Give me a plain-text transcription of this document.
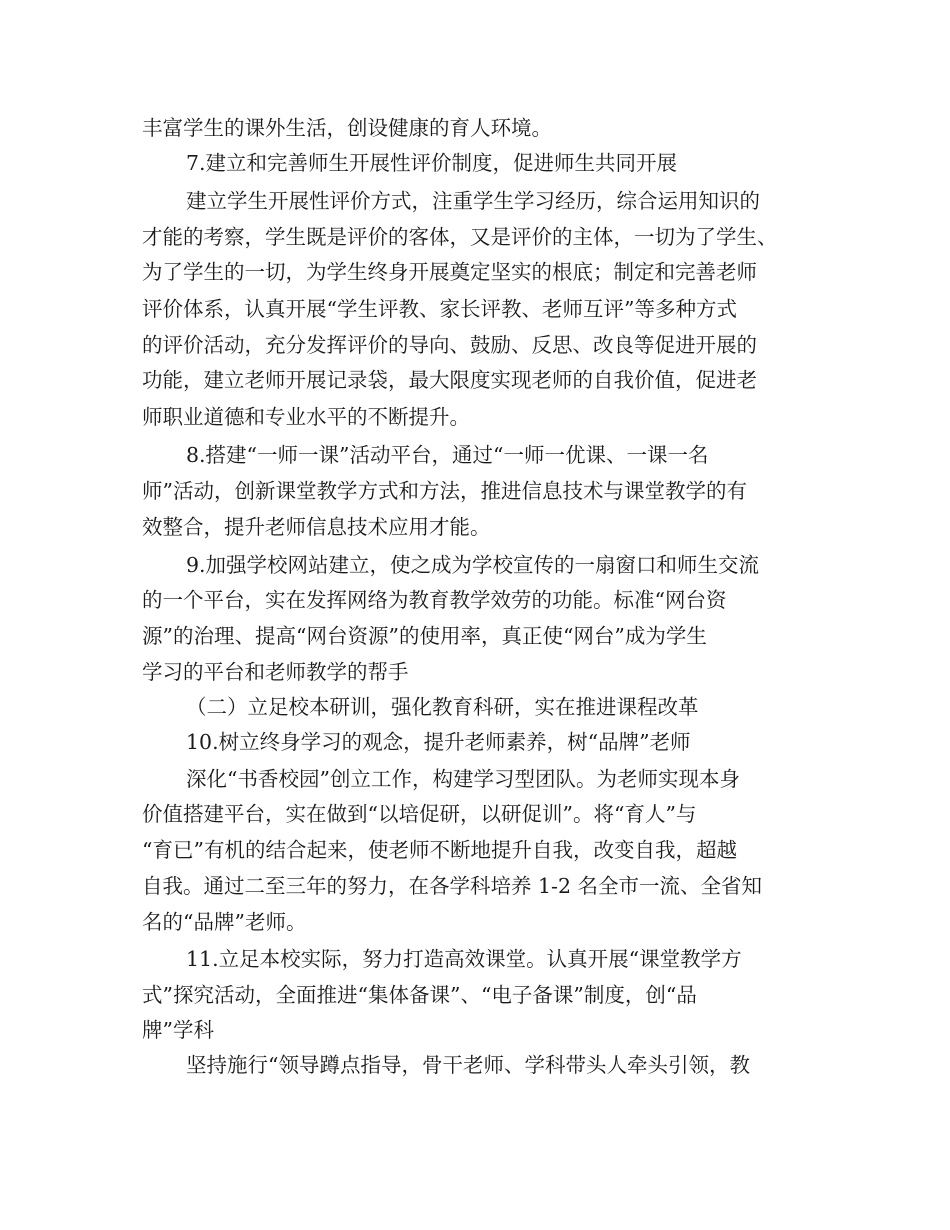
丰富学生的课外生活，创设健康的育人环境。
7.建立和完善师生开展性评价制度，促进师生共同开展
建立学生开展性评价方式，注重学生学习经历，综合运用知识的
才能的考察，学生既是评价的客体，又是评价的主体，一切为了学生、
为了学生的一切，为学生终身开展奠定坚实的根底；制定和完善老师
评价体系，认真开展“学生评教、家长评教、老师互评”等多种方式
的评价活动，充分发挥评价的导向、鼓励、反思、改良等促进开展的
功能，建立老师开展记录袋，最大限度实现老师的自我价值，促进老
师职业道德和专业水平的不断提升。
8.搭建“一师一课”活动平台，通过“一师一优课、一课一名
师”活动，创新课堂教学方式和方法，推进信息技术与课堂教学的有
效整合，提升老师信息技术应用才能。
9.加强学校网站建立，使之成为学校宣传的一扇窗口和师生交流
的一个平台，实在发挥网络为教育教学效劳的功能。标准“网台资
源”的治理、提高“网台资源”的使用率，真正使“网台”成为学生
学习的平台和老师教学的帮手
（二）立足校本研训，强化教育科研，实在推进课程改革
10.树立终身学习的观念，提升老师素养，树“品牌”老师
深化“书香校园”创立工作，构建学习型团队。为老师实现本身
价值搭建平台，实在做到“以培促研，以研促训”。将“育人”与
“育已”有机的结合起来，使老师不断地提升自我，改变自我，超越
自我。通过二至三年的努力，在各学科培养 1-2 名全市一流、全省知
名的“品牌”老师。
11.立足本校实际，努力打造高效课堂。认真开展“课堂教学方
式”探究活动，全面推进“集体备课”、“电子备课”制度，创“品
牌”学科
坚持施行“领导蹲点指导，骨干老师、学科带头人牵头引领，教
